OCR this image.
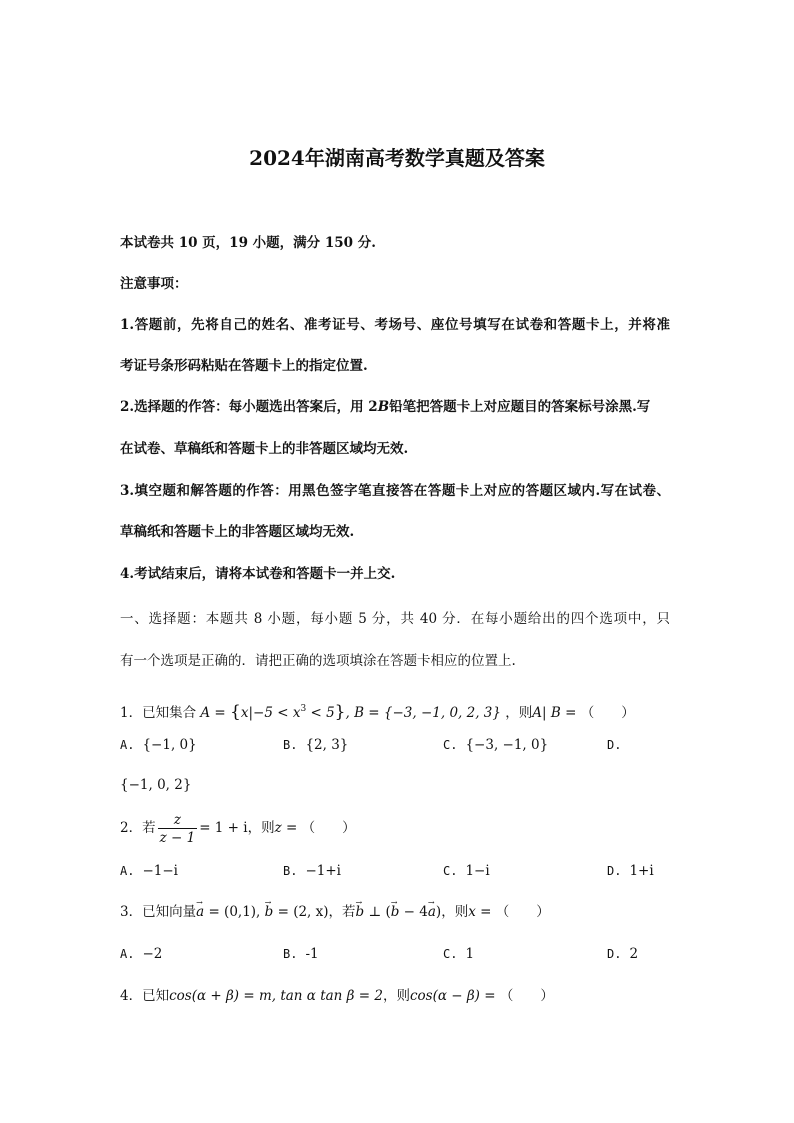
2024年湖南高考数学真题及答案
本试卷共 10 页，19 小题，满分 150 分.
注意事项：
1.答题前，先将自己的姓名、准考证号、考场号、座位号填写在试卷和答题卡上，并将准
考证号条形码粘贴在答题卡上的指定位置.
2.选择题的作答：每小题选出答案后，用 2B铅笔把答题卡上对应题目的答案标号涂黑.写
在试卷、草稿纸和答题卡上的非答题区域均无效.
3.填空题和解答题的作答：用黑色签字笔直接答在答题卡上对应的答题区域内.写在试卷、
草稿纸和答题卡上的非答题区域均无效.
4.考试结束后，请将本试卷和答题卡一并上交.
一、选择题：本题共 8 小题，每小题 5 分，共 40 分．在每小题给出的四个选项中，只
有一个选项是正确的．请把正确的选项填涂在答题卡相应的位置上.
1．已知集合 $A = \{x|-5 < x^3 < 5\}$, B = {−3, −1, 0, 2, 3} ，则A| B = （　　）
A. {−1, 0}	B. {2, 3}	C. {−3, −1, 0}	D.
{−1, 0, 2}
2．若 $\frac{z}{z - 1} = 1 + i$，则z = （　　）
A. −1−i	B. −1+i	C. 1−i	D. 1+i
3．已知向量→ a = (0,1), → b = (2, x)，若→ b ⊥ (→ b − 4→ a)，则x = （　　）
A. −2	B. -1	C. 1	D. 2
4．已知cos(α + β) = m, tan α tan β = 2，则cos(α − β) = （　　）
